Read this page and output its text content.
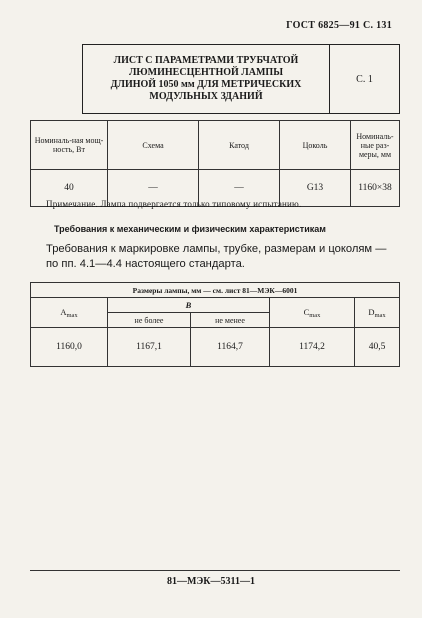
ГОСТ 6825—91 С. 131
ЛИСТ С ПАРАМЕТРАМИ ТРУБЧАТОЙ
ЛЮМИНЕСЦЕНТНОЙ ЛАМПЫ
ДЛИНОЙ 1050 мм ДЛЯ МЕТРИЧЕСКИХ
МОДУЛЬНЫХ ЗДАНИЙ
С. 1
Номиналь-ная мощ-ность, Вт	Схема	Катод	Цоколь	Номиналь-ные раз-меры, мм
40	—	—	G13	1160×38
Примечание. Лампа подвергается только типовому испытанию.
Требования к механическим и физическим характеристикам
Требования к маркировке лампы, трубке, размерам и цоколям — по пп. 4.1—4.4 настоящего стандарта.
Размеры лампы, мм — см. лист 81—МЭК—6001				
$A_{max}$	B		$C_{max}$	$D_{max}$
	не более	не менее		
1160,0	1167,1	1164,7	1174,2	40,5
81—МЭК—5311—1
